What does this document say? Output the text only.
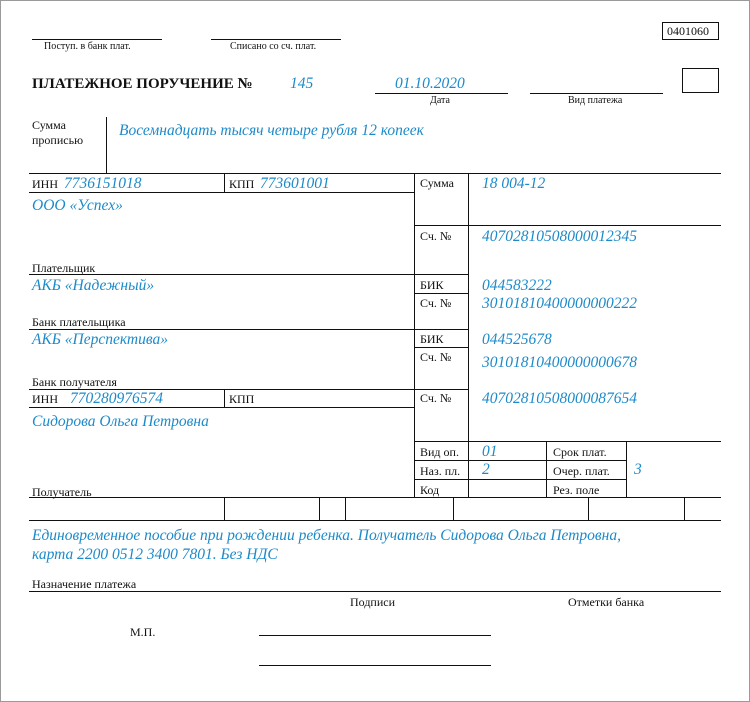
0401060
Поступ. в банк плат.	Списано со сч. плат.
ПЛАТЕЖНОЕ ПОРУЧЕНИЕ № 145	01.10.2020
Дата	Вид платежа
Сумма
прописью
Восемнадцать тысяч четыре рубля 12 копеек
ИНН 7736151018	КПП 773601001
ООО «Успех»
Плательщик
Сумма 18 004-12
Сч. № 40702810508000012345
АКБ «Надежный»
Банк плательщика
БИК 044583222
Сч. № 30101810400000000222
АКБ «Перспектива»
Банк получателя
БИК 044525678
Сч. № 30101810400000000678
ИНН 770280976574	КПП
Сидорова Ольга Петровна
Получатель
Сч. № 40702810508000087654
Вид оп. 01
Наз. пл. 2
Код
Срок плат.
Очер. плат. 3
Рез. поле
Единовременное пособие при рождении ребенка. Получатель Сидорова Ольга Петровна,
карта 2200 0512 3400 7801. Без НДС
Назначение платежа
Подписи	Отметки банка
М.П.
